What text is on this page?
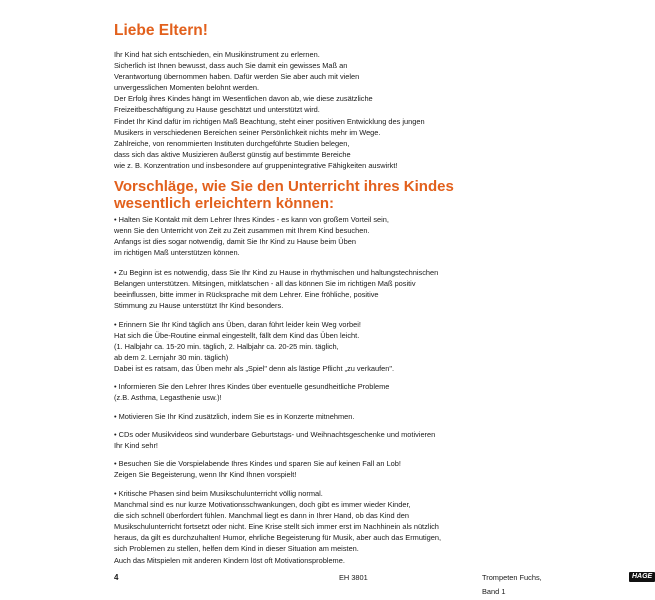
Liebe Eltern!
Ihr Kind hat sich entschieden, ein Musikinstrument zu erlernen.
Sicherlich ist Ihnen bewusst, dass auch Sie damit ein gewisses Maß an
Verantwortung übernommen haben. Dafür werden Sie aber auch mit vielen
unvergesslichen Momenten belohnt werden.
Der Erfolg ihres Kindes hängt im Wesentlichen davon ab, wie diese zusätzliche
Freizeitbeschäftigung zu Hause geschätzt und unterstützt wird.
Findet Ihr Kind dafür im richtigen Maß Beachtung, steht einer positiven Entwicklung des jungen
Musikers in verschiedenen Bereichen seiner Persönlichkeit nichts mehr im Wege.
Zahlreiche, von renommierten Instituten durchgeführte Studien belegen,
dass sich das aktive Musizieren äußerst günstig auf bestimmte Bereiche
wie z. B. Konzentration und insbesondere auf gruppenintegrative Fähigkeiten auswirkt!
Vorschläge, wie Sie den Unterricht ihres Kindes
wesentlich erleichtern können:
• Halten Sie Kontakt mit dem Lehrer Ihres Kindes - es kann von großem Vorteil sein,
wenn Sie den Unterricht von Zeit zu Zeit zusammen mit Ihrem Kind besuchen.
Anfangs ist dies sogar notwendig, damit Sie Ihr Kind zu Hause beim Üben
im richtigen Maß unterstützen können.
• Zu Beginn ist es notwendig, dass Sie Ihr Kind zu Hause in rhythmischen und haltungstechnischen
Belangen unterstützen. Mitsingen, mitklatschen - all das können Sie im richtigen Maß positiv
beeinflussen, bitte immer in Rücksprache mit dem Lehrer. Eine fröhliche, positive
Stimmung zu Hause unterstützt Ihr Kind besonders.
• Erinnern Sie Ihr Kind täglich ans Üben, daran führt leider kein Weg vorbei!
Hat sich die Übe-Routine einmal eingestellt, fällt dem Kind das Üben leicht.
(1. Halbjahr ca. 15-20 min. täglich, 2. Halbjahr ca. 20-25 min. täglich,
ab dem 2. Lernjahr 30 min. täglich)
Dabei ist es ratsam, das Üben mehr als „Spiel" denn als lästige Pflicht „zu verkaufen".
• Informieren Sie den Lehrer Ihres Kindes über eventuelle gesundheitliche Probleme
(z.B. Asthma, Legasthenie usw.)!
• Motivieren Sie Ihr Kind zusätzlich, indem Sie es in Konzerte mitnehmen.
• CDs oder Musikvideos sind wunderbare Geburtstags- und Weihnachtsgeschenke und motivieren
Ihr Kind sehr!
• Besuchen Sie die Vorspielabende Ihres Kindes und sparen Sie auf keinen Fall an Lob!
Zeigen Sie Begeisterung, wenn Ihr Kind Ihnen vorspielt!
• Kritische Phasen sind beim Musikschulunterricht völlig normal.
Manchmal sind es nur kurze Motivationsschwankungen, doch gibt es immer wieder Kinder,
die sich schnell überfordert fühlen. Manchmal liegt es dann in Ihrer Hand, ob das Kind den
Musikschulunterricht fortsetzt oder nicht. Eine Krise stellt sich immer erst im Nachhinein als nützlich
heraus, da gilt es durchzuhalten! Humor, ehrliche Begeisterung für Musik, aber auch das Ermutigen,
sich Problemen zu stellen, helfen dem Kind in dieser Situation am meisten.
Auch das Mitspielen mit anderen Kindern löst oft Motivationsprobleme.
4	EH 3801	Trompeten Fuchs, Band 1
HAGE
